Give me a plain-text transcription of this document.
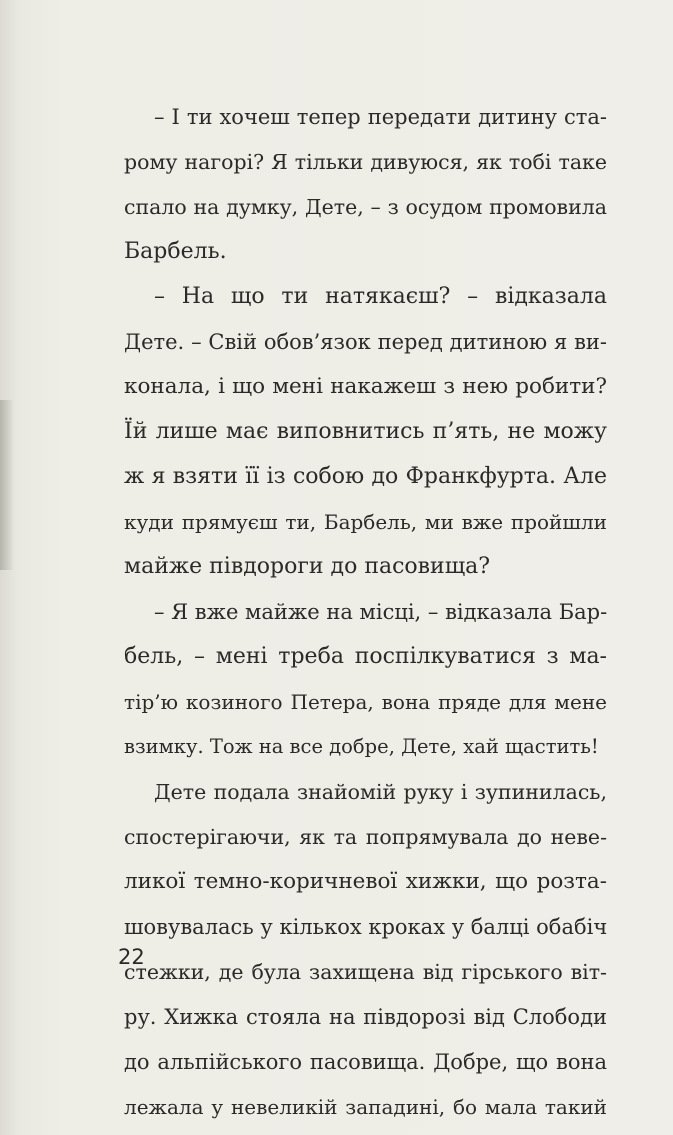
– І ти хочеш тепер передати дитину ста-
рому нагорі? Я тільки дивуюся, як тобі таке
спало на думку, Дете, – з осудом промовила
Барбель.
– На що ти натякаєш? – відказала
Дете. – Свій обов’язок перед дитиною я ви-
конала, і що мені накажеш з нею робити?
Їй лише має виповнитись п’ять, не можу
ж я взяти її із собою до Франкфурта. Але
куди прямуєш ти, Барбель, ми вже пройшли
майже півдороги до пасовища?
– Я вже майже на місці, – відказала Бар-
бель, – мені треба поспілкуватися з ма-
тір’ю козиного Петера, вона пряде для мене
взимку. Тож на все добре, Дете, хай щастить!
Дете подала знайомій руку і зупинилась,
спостерігаючи, як та попрямувала до неве-
ликої темно-коричневої хижки, що розта-
шовувалась у кількох кроках у балці обабіч
стежки, де була захищена від гірського віт-
ру. Хижка стояла на півдорозі від Слободи
до альпійського пасовища. Добре, що вона
лежала у невеликій западині, бо мала такий
22
